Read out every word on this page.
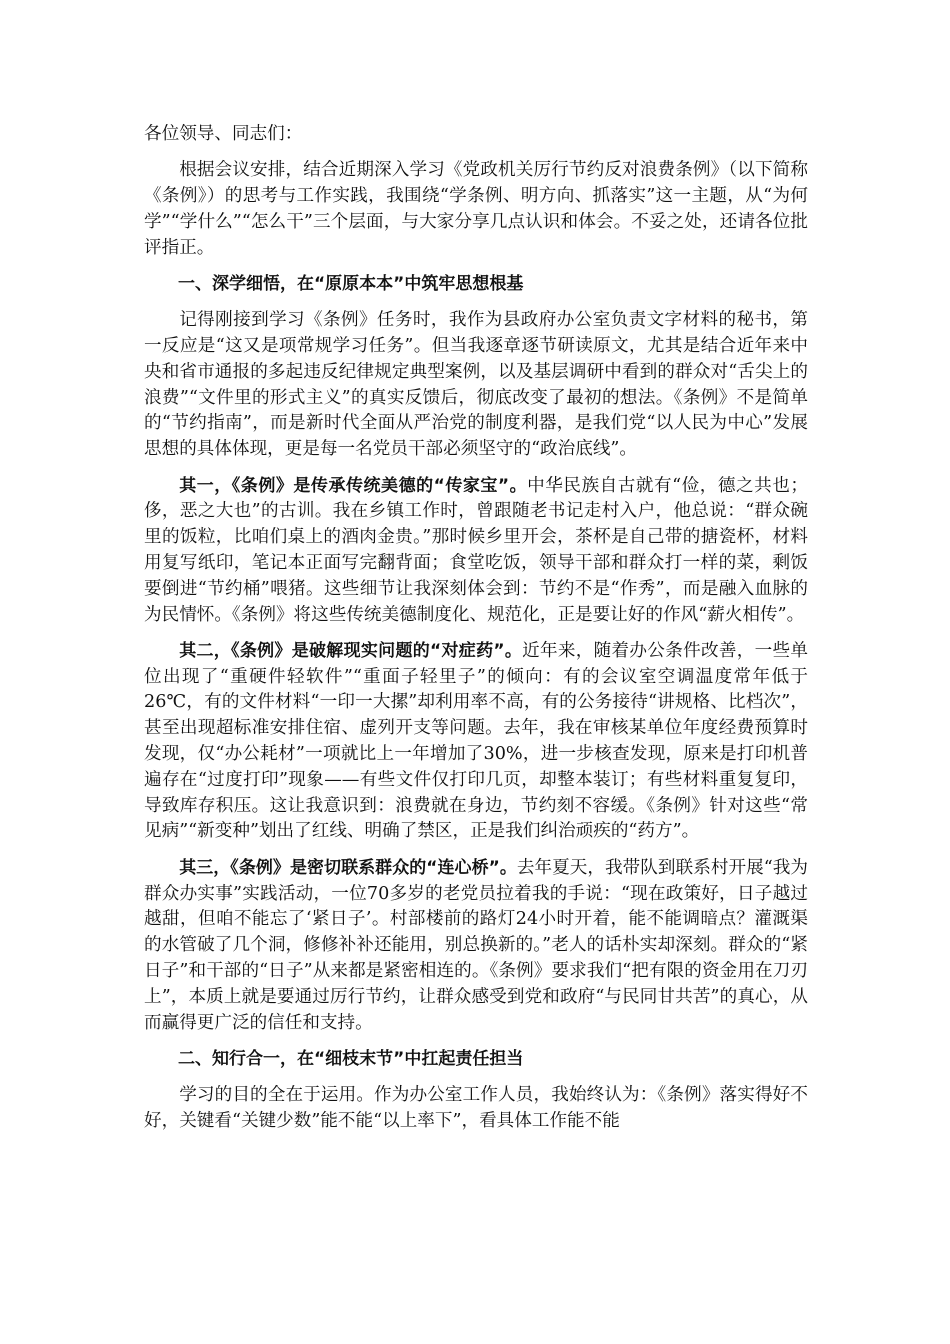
各位领导、同志们：

根据会议安排，结合近期深入学习《党政机关厉行节约反对浪费条例》（以下简称《条例》）的思考与工作实践，我围绕“学条例、明方向、抓落实”这一主题，从“为何学”“学什么”“怎么干”三个层面，与大家分享几点认识和体会。不妥之处，还请各位批评指正。

一、深学细悟，在“原原本本”中筑牢思想根基

记得刚接到学习《条例》任务时，我作为县政府办公室负责文字材料的秘书，第一反应是“这又是项常规学习任务”。但当我逐章逐节研读原文，尤其是结合近年来中央和省市通报的多起违反纪律规定典型案例，以及基层调研中看到的群众对“舌尖上的浪费”“文件里的形式主义”的真实反馈后，彻底改变了最初的想法。《条例》不是简单的“节约指南”，而是新时代全面从严治党的制度利器，是我们党“以人民为中心”发展思想的具体体现，更是每一名党员干部必须坚守的“政治底线”。

其一，《条例》是传承传统美德的“传家宝”。中华民族自古就有“俭，德之共也；侈，恶之大也”的古训。我在乡镇工作时，曾跟随老书记走村入户，他总说：“群众碗里的饭粒，比咱们桌上的酒肉金贵。”那时候乡里开会，茶杯是自己带的搪瓷杯，材料用复写纸印，笔记本正面写完翻背面；食堂吃饭，领导干部和群众打一样的菜，剩饭要倒进“节约桶”喂猪。这些细节让我深刻体会到：节约不是“作秀”，而是融入血脉的为民情怀。《条例》将这些传统美德制度化、规范化，正是要让好的作风“薪火相传”。

其二，《条例》是破解现实问题的“对症药”。近年来，随着办公条件改善，一些单位出现了“重硬件轻软件”“重面子轻里子”的倾向：有的会议室空调温度常年低于26℃，有的文件材料“一印一大摞”却利用率不高，有的公务接待“讲规格、比档次”，甚至出现超标准安排住宿、虚列开支等问题。去年，我在审核某单位年度经费预算时发现，仅“办公耗材”一项就比上一年增加了30%，进一步核查发现，原来是打印机普遍存在“过度打印”现象——有些文件仅打印几页，却整本装订；有些材料重复复印，导致库存积压。这让我意识到：浪费就在身边，节约刻不容缓。《条例》针对这些“常见病”“新变种”划出了红线、明确了禁区，正是我们纠治顽疾的“药方”。

其三，《条例》是密切联系群众的“连心桥”。去年夏天，我带队到联系村开展“我为群众办实事”实践活动，一位70多岁的老党员拉着我的手说：“现在政策好，日子越过越甜，但咱不能忘了‘紧日子’。村部楼前的路灯24小时开着，能不能调暗点？灌溉渠的水管破了几个洞，修修补补还能用，别总换新的。”老人的话朴实却深刻。群众的“紧日子”和干部的“日子”从来都是紧密相连的。《条例》要求我们“把有限的资金用在刀刃上”，本质上就是要通过厉行节约，让群众感受到党和政府“与民同甘共苦”的真心，从而赢得更广泛的信任和支持。

二、知行合一，在“细枝末节”中扛起责任担当

学习的目的全在于运用。作为办公室工作人员，我始终认为：《条例》落实得好不好，关键看“关键少数”能不能“以上率下”，看具体工作能不能
